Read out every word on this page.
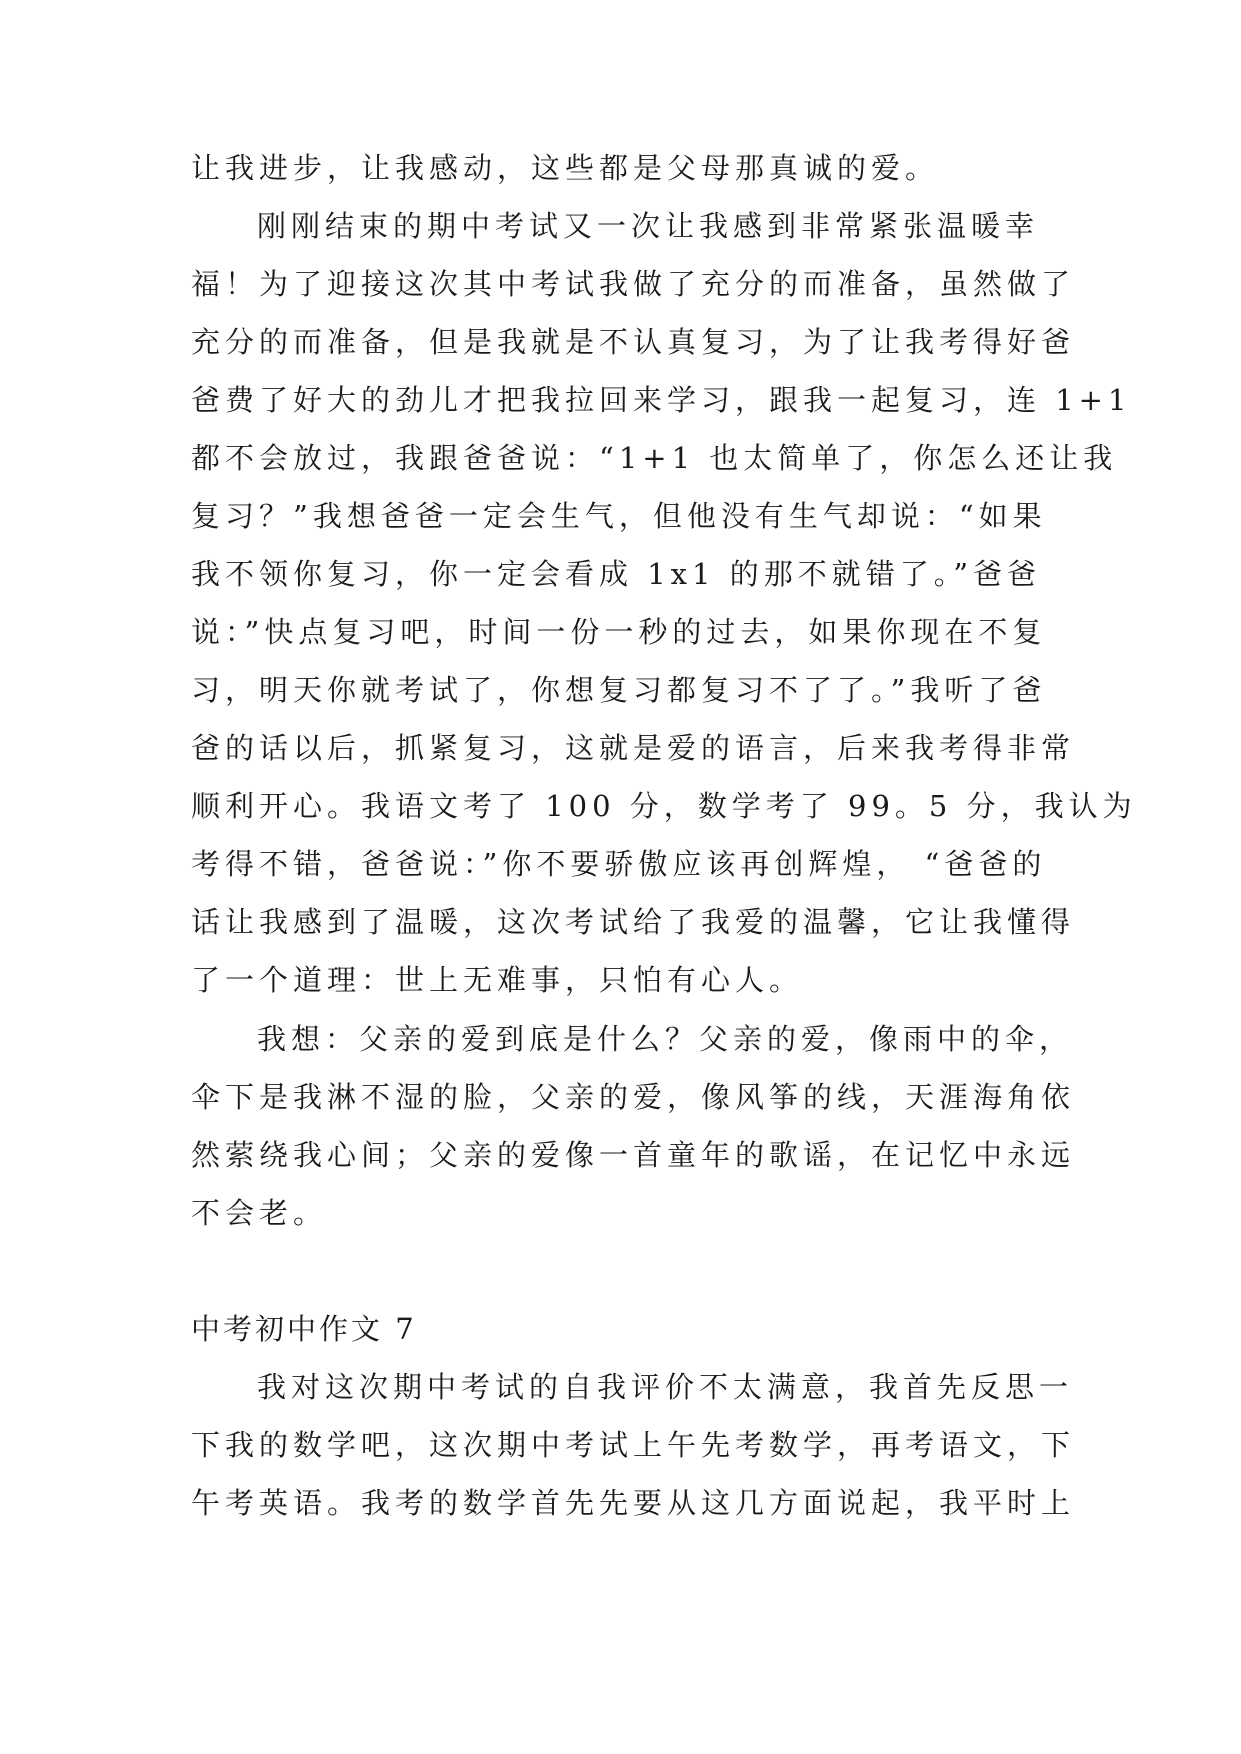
让我进步，让我感动，这些都是父母那真诚的爱。
刚刚结束的期中考试又一次让我感到非常紧张温暖幸
福！为了迎接这次其中考试我做了充分的而准备，虽然做了
充分的而准备，但是我就是不认真复习，为了让我考得好爸
爸费了好大的劲儿才把我拉回来学习，跟我一起复习，连 1+1
都不会放过，我跟爸爸说：“1+1 也太简单了，你怎么还让我
复习？”我想爸爸一定会生气，但他没有生气却说：“如果
我不领你复习，你一定会看成 1x1 的那不就错了。”爸爸
说：”快点复习吧，时间一份一秒的过去，如果你现在不复
习，明天你就考试了，你想复习都复习不了了。”我听了爸
爸的话以后，抓紧复习，这就是爱的语言，后来我考得非常
顺利开心。我语文考了 100 分，数学考了 99。5 分，我认为
考得不错，爸爸说：”你不要骄傲应该再创辉煌， “爸爸的
话让我感到了温暖，这次考试给了我爱的温馨，它让我懂得
了一个道理：世上无难事，只怕有心人。
我想：父亲的爱到底是什么？父亲的爱，像雨中的伞，
伞下是我淋不湿的脸，父亲的爱，像风筝的线，天涯海角依
然萦绕我心间；父亲的爱像一首童年的歌谣，在记忆中永远
不会老。
中考初中作文 7
我对这次期中考试的自我评价不太满意，我首先反思一
下我的数学吧，这次期中考试上午先考数学，再考语文，下
午考英语。我考的数学首先先要从这几方面说起，我平时上
